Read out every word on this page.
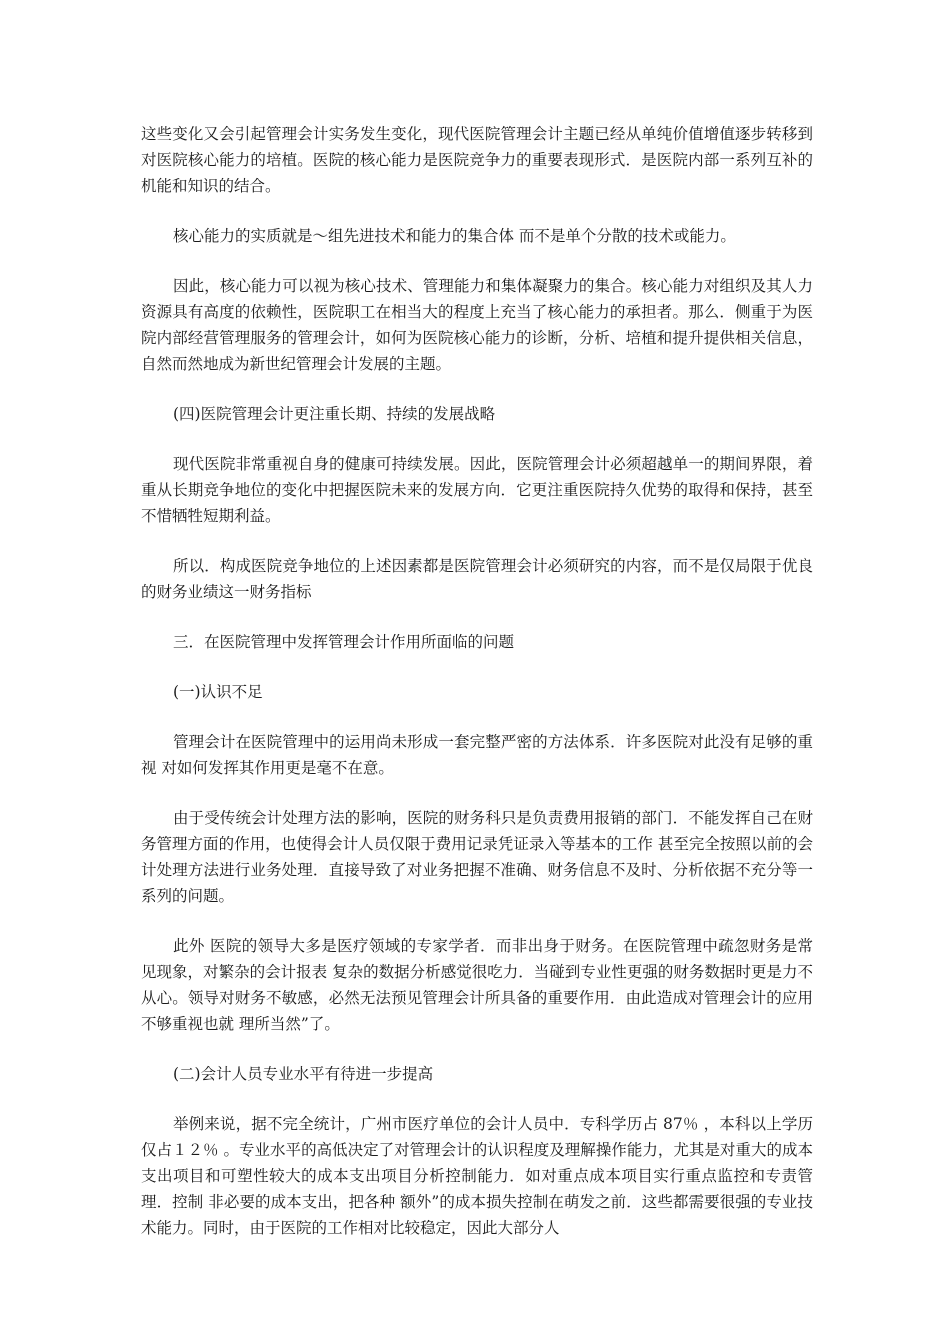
这些变化又会引起管理会计实务发生变化，现代医院管理会计主题已经从单纯价值增值逐步转移到对医院核心能力的培植。医院的核心能力是医院竞争力的重要表现形式．是医院内部一系列互补的机能和知识的结合。

核心能力的实质就是～组先进技术和能力的集合体 而不是单个分散的技术或能力。

因此，核心能力可以视为核心技术、管理能力和集体凝聚力的集合。核心能力对组织及其人力资源具有高度的依赖性，医院职工在相当大的程度上充当了核心能力的承担者。那么．侧重于为医院内部经营管理服务的管理会计，如何为医院核心能力的诊断，分析、培植和提升提供相关信息，自然而然地成为新世纪管理会计发展的主题。

(四)医院管理会计更注重长期、持续的发展战略

现代医院非常重视自身的健康可持续发展。因此，医院管理会计必须超越单一的期间界限，着重从长期竞争地位的变化中把握医院未来的发展方向．它更注重医院持久优势的取得和保持，甚至不惜牺牲短期利益。

所以．构成医院竞争地位的上述因素都是医院管理会计必须研究的内容，而不是仅局限于优良的财务业绩这一财务指标

三．在医院管理中发挥管理会计作用所面临的问题

(一)认识不足

管理会计在医院管理中的运用尚未形成一套完整严密的方法体系．许多医院对此没有足够的重视 对如何发挥其作用更是毫不在意。

由于受传统会计处理方法的影响，医院的财务科只是负责费用报销的部门．不能发挥自己在财务管理方面的作用，也使得会计人员仅限于费用记录凭证录入等基本的工作 甚至完全按照以前的会计处理方法进行业务处理．直接导致了对业务把握不准确、财务信息不及时、分析依据不充分等一系列的问题。

此外 医院的领导大多是医疗领域的专家学者．而非出身于财务。在医院管理中疏忽财务是常见现象，对繁杂的会计报表 复杂的数据分析感觉很吃力．当碰到专业性更强的财务数据时更是力不从心。领导对财务不敏感，必然无法预见管理会计所具备的重要作用．由此造成对管理会计的应用不够重视也就 理所当然”了。

(二)会计人员专业水平有待进一步提高

举例来说，据不完全统计，广州市医疗单位的会计人员中．专科学历占 87％ ，本科以上学历仅占１２％ 。专业水平的高低决定了对管理会计的认识程度及理解操作能力，尤其是对重大的成本支出项目和可塑性较大的成本支出项目分析控制能力．如对重点成本项目实行重点监控和专责管理．控制 非必要的成本支出，把各种 额外”的成本损失控制在萌发之前．这些都需要很强的专业技术能力。同时，由于医院的工作相对比较稳定，因此大部分人
